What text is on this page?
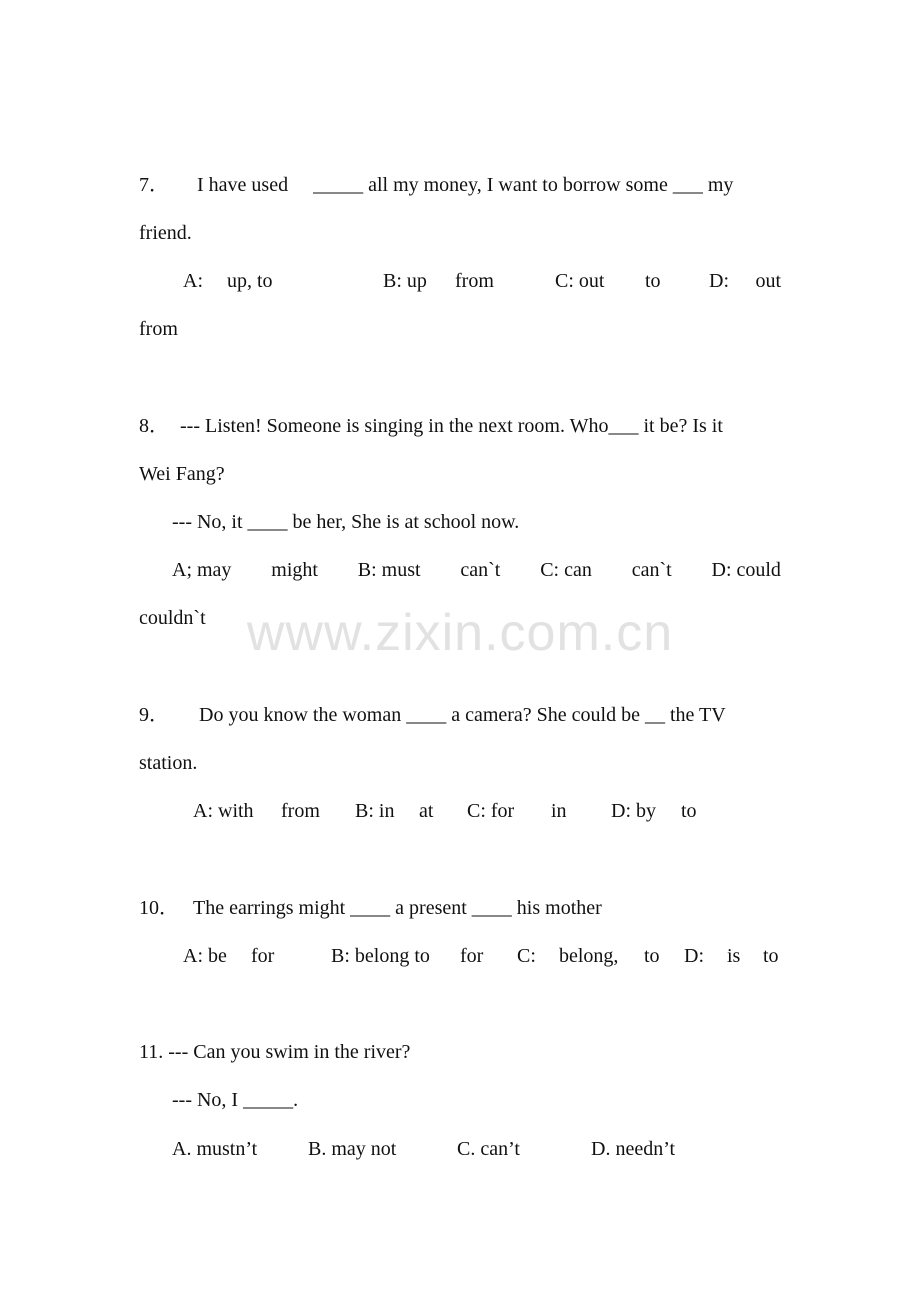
www.zixin.com.cn
7． I have used _____ all my money, I want to borrow some ___ my
friend.
A: up, to	B: up from	C: out to D: out
from
8． --- Listen! Someone is singing in the next room. Who___ it be? Is it
Wei Fang?
--- No, it ____ be her, She is at school now.
A; may might B: must can`t C: can can`t D: could
couldn`t
9． Do you know the woman ____ a camera? She could be __ the TV
station.
A: with from B: in at C: for in D: by to
10． The earrings might ____ a present ____ his mother
A: be for	B: belong to for C: belong, to D: is to
11. --- Can you swim in the river?
--- No, I _____.
A. mustn’t	B. may not	C. can’t	D. needn’t
